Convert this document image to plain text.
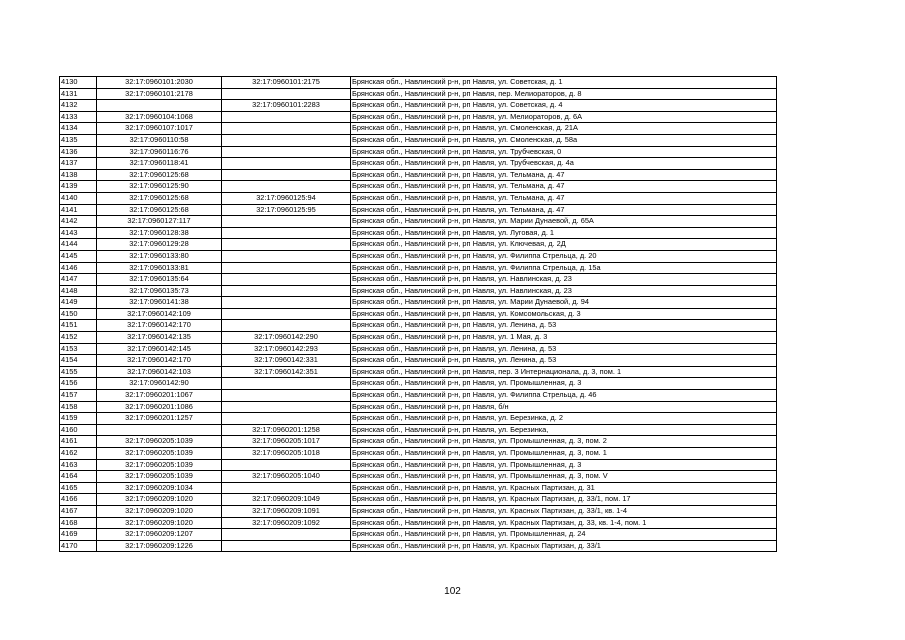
4130	32:17:0960101:2030	32:17:0960101:2175	Брянская обл., Навлинский р-н, рп Навля, ул. Советская, д. 1
4131	32:17:0960101:2178		Брянская обл., Навлинский р-н, рп Навля, пер. Мелиораторов, д. 8
4132		32:17:0960101:2283	Брянская обл., Навлинский р-н, рп Навля, ул. Советская, д. 4
4133	32:17:0960104:1068		Брянская обл., Навлинский р-н, рп Навля, ул. Мелиораторов, д. 6А
4134	32:17:0960107:1017		Брянская обл., Навлинский р-н, рп Навля, ул. Смоленская, д. 21А
4135	32:17:0960110:58		Брянская обл., Навлинский р-н, рп Навля, ул. Смоленская, д. 58а
4136	32:17:0960116:76		Брянская обл., Навлинский р-н, рп Навля, ул. Трубчевская, 0
4137	32:17:0960118:41		Брянская обл., Навлинский р-н, рп Навля, ул. Трубчевская, д. 4а
4138	32:17:0960125:68		Брянская обл., Навлинский р-н, рп Навля, ул. Тельмана, д. 47
4139	32:17:0960125:90		Брянская обл., Навлинский р-н, рп Навля, ул. Тельмана, д. 47
4140	32:17:0960125:68	32:17:0960125:94	Брянская обл., Навлинский р-н, рп Навля, ул. Тельмана, д. 47
4141	32:17:0960125:68	32:17:0960125:95	Брянская обл., Навлинский р-н, рп Навля, ул. Тельмана, д. 47
4142	32:17:0960127:117		Брянская обл., Навлинский р-н, рп Навля, ул. Марии Дунаевой, д. 65А
4143	32:17:0960128:38		Брянская обл., Навлинский р-н, рп Навля, ул. Луговая, д. 1
4144	32:17:0960129:28		Брянская обл., Навлинский р-н, рп Навля, ул. Ключевая, д. 2Д
4145	32:17:0960133:80		Брянская обл., Навлинский р-н, рп Навля, ул. Филиппа Стрельца, д. 20
4146	32:17:0960133:81		Брянская обл., Навлинский р-н, рп Навля, ул. Филиппа Стрельца, д. 15а
4147	32:17:0960135:64		Брянская обл., Навлинский р-н, рп Навля, ул. Навлинская, д. 23
4148	32:17:0960135:73		Брянская обл., Навлинский р-н, рп Навля, ул. Навлинская, д. 23
4149	32:17:0960141:38		Брянская обл., Навлинский р-н, рп Навля, ул. Марии Дунаевой, д. 94
4150	32:17:0960142:109		Брянская обл., Навлинский р-н, рп Навля, ул. Комсомольская, д. 3
4151	32:17:0960142:170		Брянская обл., Навлинский р-н, рп Навля, ул. Ленина, д. 53
4152	32:17:0960142:135	32:17:0960142:290	Брянская обл., Навлинский р-н, рп Навля, ул. 1 Мая, д. 3
4153	32:17:0960142:145	32:17:0960142:293	Брянская обл., Навлинский р-н, рп Навля, ул. Ленина, д. 53
4154	32:17:0960142:170	32:17:0960142:331	Брянская обл., Навлинский р-н, рп Навля, ул. Ленина, д. 53
4155	32:17:0960142:103	32:17:0960142:351	Брянская обл., Навлинский р-н, рп Навля, пер. 3 Интернационала, д. 3, пом. 1
4156	32:17:0960142:90		Брянская обл., Навлинский р-н, рп Навля, ул. Промышленная, д. 3
4157	32:17:0960201:1067		Брянская обл., Навлинский р-н, рп Навля, ул. Филиппа Стрельца, д. 46
4158	32:17:0960201:1086		Брянская обл., Навлинский р-н, рп Навля, б/н
4159	32:17:0960201:1257		Брянская обл., Навлинский р-н, рп Навля, ул. Березинка, д. 2
4160		32:17:0960201:1258	Брянская обл., Навлинский р-н, рп Навля, ул. Березинка,
4161	32:17:0960205:1039	32:17:0960205:1017	Брянская обл., Навлинский р-н, рп Навля, ул. Промышленная, д. 3, пом. 2
4162	32:17:0960205:1039	32:17:0960205:1018	Брянская обл., Навлинский р-н, рп Навля, ул. Промышленная, д. 3, пом. 1
4163	32:17:0960205:1039		Брянская обл., Навлинский р-н, рп Навля, ул. Промышленная, д. 3
4164	32:17:0960205:1039	32:17:0960205:1040	Брянская обл., Навлинский р-н, рп Навля, ул. Промышленная, д. 3, пом. V
4165	32:17:0960209:1034		Брянская обл., Навлинский р-н, рп Навля, ул. Красных Партизан, д. 31
4166	32:17:0960209:1020	32:17:0960209:1049	Брянская обл., Навлинский р-н, рп Навля, ул. Красных Партизан, д. 33/1, пом. 17
4167	32:17:0960209:1020	32:17:0960209:1091	Брянская обл., Навлинский р-н, рп Навля, ул. Красных Партизан, д. 33/1, кв. 1-4
4168	32:17:0960209:1020	32:17:0960209:1092	Брянская обл., Навлинский р-н, рп Навля, ул. Красных Партизан, д. 33, кв. 1-4, пом. 1
4169	32:17:0960209:1207		Брянская обл., Навлинский р-н, рп Навля, ул. Промышленная, д. 24
4170	32:17:0960209:1226		Брянская обл., Навлинский р-н, рп Навля, ул. Красных Партизан, д. 33/1
102
